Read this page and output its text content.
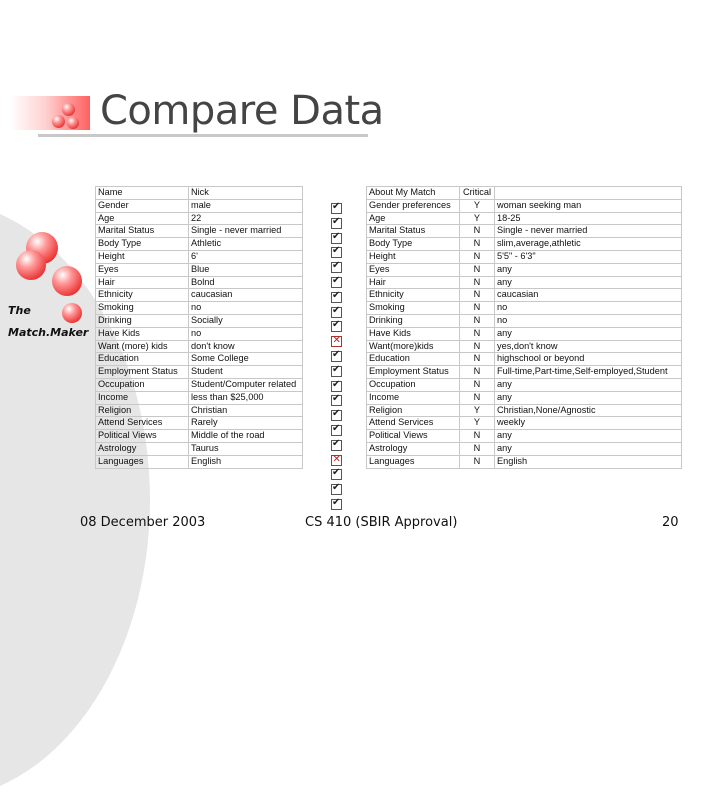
Compare Data
The
Match.Maker
Name	Nick
Gender	male
Age	22
Marital Status	Single - never married
Body Type	Athletic
Height	6'
Eyes	Blue
Hair	Bolnd
Ethnicity	caucasian
Smoking	no
Drinking	Socially
Have Kids	no
Want (more) kids	don't know
Education	Some College
Employment Status	Student
Occupation	Student/Computer related
Income	less than $25,000
Religion	Christian
Attend Services	Rarely
Political Views	Middle of the road
Astrology	Taurus
Languages	English
✔
✔
✔
✔
✔
✔
✔
✔
✔
✕
✔
✔
✔
✔
✔
✔
✔
✕
✔
✔
✔
About My Match	Critical	
Gender preferences	Y	woman seeking man
Age	Y	18-25
Marital Status	N	Single - never married
Body Type	N	slim,average,athletic
Height	N	5'5" - 6'3"
Eyes	N	any
Hair	N	any
Ethnicity	N	caucasian
Smoking	N	no
Drinking	N	no
Have Kids	N	any
Want(more)kids	N	yes,don't know
Education	N	highschool or beyond
Employment Status	N	Full-time,Part-time,Self-employed,Student
Occupation	N	any
Income	N	any
Religion	Y	Christian,None/Agnostic
Attend Services	Y	weekly
Political Views	N	any
Astrology	N	any
Languages	N	English
08 December 2003	CS 410 (SBIR Approval)	20
